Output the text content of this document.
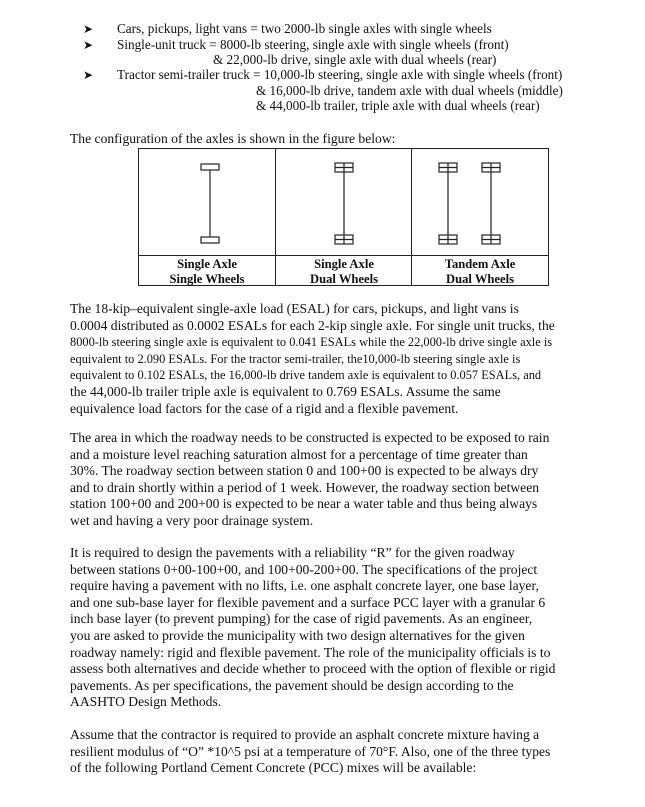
➤ Cars, pickups, light vans = two 2000-lb single axles with single wheels
➤ Single-unit truck = 8000-lb steering, single axle with single wheels (front)
& 22,000-lb drive, single axle with dual wheels (rear)
➤ Tractor semi-trailer truck = 10,000-lb steering, single axle with single wheels (front)
& 16,000-lb drive, tandem axle with dual wheels (middle)
& 44,000-lb trailer, triple axle with dual wheels (rear)
The configuration of the axles is shown in the figure below:
Single Axle
Single Wheels
Single Axle
Dual Wheels
Tandem Axle
Dual Wheels

The 18-kip–equivalent single-axle load (ESAL) for cars, pickups, and light vans is
0.0004 distributed as 0.0002 ESALs for each 2-kip single axle. For single unit trucks, the
8000-lb steering single axle is equivalent to 0.041 ESALs while the 22,000-lb drive single axle is
equivalent to 2.090 ESALs. For the tractor semi-trailer, the10,000-lb steering single axle is
equivalent to 0.102 ESALs, the 16,000-lb drive tandem axle is equivalent to 0.057 ESALs, and
the 44,000-lb trailer triple axle is equivalent to 0.769 ESALs. Assume the same
equivalence load factors for the case of a rigid and a flexible pavement.

The area in which the roadway needs to be constructed is expected to be exposed to rain
and a moisture level reaching saturation almost for a percentage of time greater than
30%. The roadway section between station 0 and 100+00 is expected to be always dry
and to drain shortly within a period of 1 week. However, the roadway section between
station 100+00 and 200+00 is expected to be near a water table and thus being always
wet and having a very poor drainage system.

It is required to design the pavements with a reliability “R” for the given roadway
between stations 0+00-100+00, and 100+00-200+00. The specifications of the project
require having a pavement with no lifts, i.e. one asphalt concrete layer, one base layer,
and one sub-base layer for flexible pavement and a surface PCC layer with a granular 6
inch base layer (to prevent pumping) for the case of rigid pavements. As an engineer,
you are asked to provide the municipality with two design alternatives for the given
roadway namely: rigid and flexible pavement. The role of the municipality officials is to
assess both alternatives and decide whether to proceed with the option of flexible or rigid
pavements. As per specifications, the pavement should be design according to the
AASHTO Design Methods.

Assume that the contractor is required to provide an asphalt concrete mixture having a
resilient modulus of “O” *10^5 psi at a temperature of 70°F. Also, one of the three types
of the following Portland Cement Concrete (PCC) mixes will be available:
